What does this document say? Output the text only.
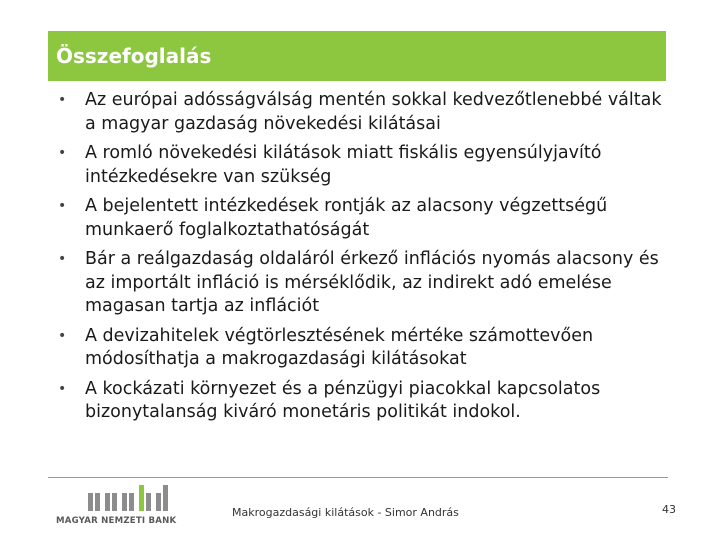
Összefoglalás
• Az európai adósságválság mentén sokkal kedvezőtlenebbé váltak a magyar gazdaság növekedési kilátásai
• A romló növekedési kilátások miatt fiskális egyensúlyjavító intézkedésekre van szükség
• A bejelentett intézkedések rontják az alacsony végzettségű munkaerő foglalkoztathatóságát
• Bár a reálgazdaság oldaláról érkező inflációs nyomás alacsony és az importált infláció is mérséklődik, az indirekt adó emelése magasan tartja az inflációt
• A devizahitelek végtörlesztésének mértéke számottevően módosíthatja a makrogazdasági kilátásokat
• A kockázati környezet és a pénzügyi piacokkal kapcsolatos bizonytalanság kiváró monetáris politikát indokol.
MAGYAR NEMZETI BANK
Makrogazdasági kilátások - Simor András	43
